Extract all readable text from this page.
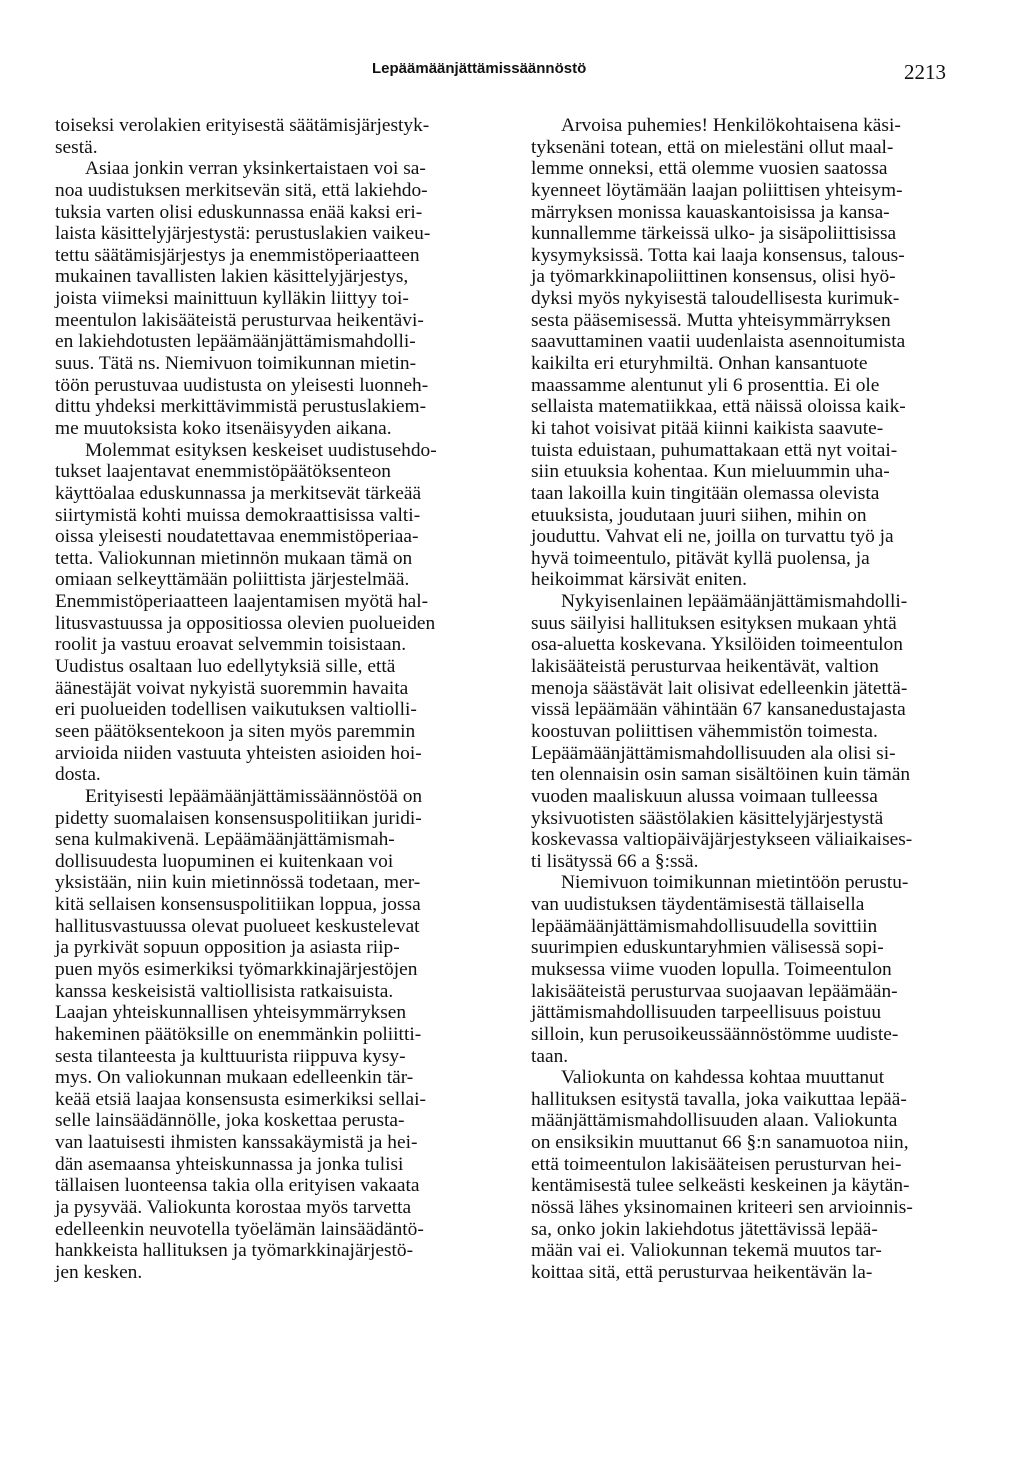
Lepäämäänjättämissäännöstö	2213
toiseksi verolakien erityisestä säätämisjärjestyk-
sestä.
Asiaa jonkin verran yksinkertaistaen voi sa-
noa uudistuksen merkitsevän sitä, että lakiehdo-
tuksia varten olisi eduskunnassa enää kaksi eri-
laista käsittelyjärjestystä: perustuslakien vaikeu-
tettu säätämisjärjestys ja enemmistöperiaatteen
mukainen tavallisten lakien käsittelyjärjestys,
joista viimeksi mainittuun kylläkin liittyy toi-
meentulon lakisääteistä perusturvaa heikentävi-
en lakiehdotusten lepäämäänjättämismahdolli-
suus. Tätä ns. Niemivuon toimikunnan mietin-
töön perustuvaa uudistusta on yleisesti luonneh-
dittu yhdeksi merkittävimmistä perustuslakiem-
me muutoksista koko itsenäisyyden aikana.
Molemmat esityksen keskeiset uudistusehdo-
tukset laajentavat enemmistöpäätöksenteon
käyttöalaa eduskunnassa ja merkitsevät tärkeää
siirtymistä kohti muissa demokraattisissa valti-
oissa yleisesti noudatettavaa enemmistöperiaa-
tetta. Valiokunnan mietinnön mukaan tämä on
omiaan selkeyttämään poliittista järjestelmää.
Enemmistöperiaatteen laajentamisen myötä hal-
litusvastuussa ja oppositiossa olevien puolueiden
roolit ja vastuu eroavat selvemmin toisistaan.
Uudistus osaltaan luo edellytyksiä sille, että
äänestäjät voivat nykyistä suoremmin havaita
eri puolueiden todellisen vaikutuksen valtiolli-
seen päätöksentekoon ja siten myös paremmin
arvioida niiden vastuuta yhteisten asioiden hoi-
dosta.
Erityisesti lepäämäänjättämissäännöstöä on
pidetty suomalaisen konsensuspolitiikan juridi-
sena kulmakivenä. Lepäämäänjättämismah-
dollisuudesta luopuminen ei kuitenkaan voi
yksistään, niin kuin mietinnössä todetaan, mer-
kitä sellaisen konsensuspolitiikan loppua, jossa
hallitusvastuussa olevat puolueet keskustelevat
ja pyrkivät sopuun opposition ja asiasta riip-
puen myös esimerkiksi työmarkkinajärjestöjen
kanssa keskeisistä valtiollisista ratkaisuista.
Laajan yhteiskunnallisen yhteisymmärryksen
hakeminen päätöksille on enemmänkin poliitti-
sesta tilanteesta ja kulttuurista riippuva kysy-
mys. On valiokunnan mukaan edelleenkin tär-
keää etsiä laajaa konsensusta esimerkiksi sellai-
selle lainsäädännölle, joka koskettaa perusta-
van laatuisesti ihmisten kanssakäymistä ja hei-
dän asemaansa yhteiskunnassa ja jonka tulisi
tällaisen luonteensa takia olla erityisen vakaata
ja pysyvää. Valiokunta korostaa myös tarvetta
edelleenkin neuvotella työelämän lainsäädäntö-
hankkeista hallituksen ja työmarkkinajärjestö-
jen kesken.
Arvoisa puhemies! Henkilökohtaisena käsi-
tyksenäni totean, että on mielestäni ollut maal-
lemme onneksi, että olemme vuosien saatossa
kyenneet löytämään laajan poliittisen yhteisym-
märryksen monissa kauaskantoisissa ja kansa-
kunnallemme tärkeissä ulko- ja sisäpoliittisissa
kysymyksissä. Totta kai laaja konsensus, talous-
ja työmarkkinapoliittinen konsensus, olisi hyö-
dyksi myös nykyisestä taloudellisesta kurimuk-
sesta pääsemisessä. Mutta yhteisymmärryksen
saavuttaminen vaatii uudenlaista asennoitumista
kaikilta eri eturyhmiltä. Onhan kansantuote
maassamme alentunut yli 6 prosenttia. Ei ole
sellaista matematiikkaa, että näissä oloissa kaik-
ki tahot voisivat pitää kiinni kaikista saavute-
tuista eduistaan, puhumattakaan että nyt voitai-
siin etuuksia kohentaa. Kun mieluummin uha-
taan lakoilla kuin tingitään olemassa olevista
etuuksista, joudutaan juuri siihen, mihin on
jouduttu. Vahvat eli ne, joilla on turvattu työ ja
hyvä toimeentulo, pitävät kyllä puolensa, ja
heikoimmat kärsivät eniten.
Nykyisenlainen lepäämäänjättämismahdolli-
suus säilyisi hallituksen esityksen mukaan yhtä
osa-aluetta koskevana. Yksilöiden toimeentulon
lakisääteistä perusturvaa heikentävät, valtion
menoja säästävät lait olisivat edelleenkin jätettä-
vissä lepäämään vähintään 67 kansanedustajasta
koostuvan poliittisen vähemmistön toimesta.
Lepäämäänjättämismahdollisuuden ala olisi si-
ten olennaisin osin saman sisältöinen kuin tämän
vuoden maaliskuun alussa voimaan tulleessa
yksivuotisten säästölakien käsittelyjärjestystä
koskevassa valtiopäiväjärjestykseen väliaikaises-
ti lisätyssä 66 a §:ssä.
Niemivuon toimikunnan mietintöön perustu-
van uudistuksen täydentämisestä tällaisella
lepäämäänjättämismahdollisuudella sovittiin
suurimpien eduskuntaryhmien välisessä sopi-
muksessa viime vuoden lopulla. Toimeentulon
lakisääteistä perusturvaa suojaavan lepäämään-
jättämismahdollisuuden tarpeellisuus poistuu
silloin, kun perusoikeussäännöstömme uudiste-
taan.
Valiokunta on kahdessa kohtaa muuttanut
hallituksen esitystä tavalla, joka vaikuttaa lepää-
määnjättämismahdollisuuden alaan. Valiokunta
on ensiksikin muuttanut 66 §:n sanamuotoa niin,
että toimeentulon lakisääteisen perusturvan hei-
kentämisestä tulee selkeästi keskeinen ja käytän-
nössä lähes yksinomainen kriteeri sen arvioinnis-
sa, onko jokin lakiehdotus jätettävissä lepää-
mään vai ei. Valiokunnan tekemä muutos tar-
koittaa sitä, että perusturvaa heikentävän la-
